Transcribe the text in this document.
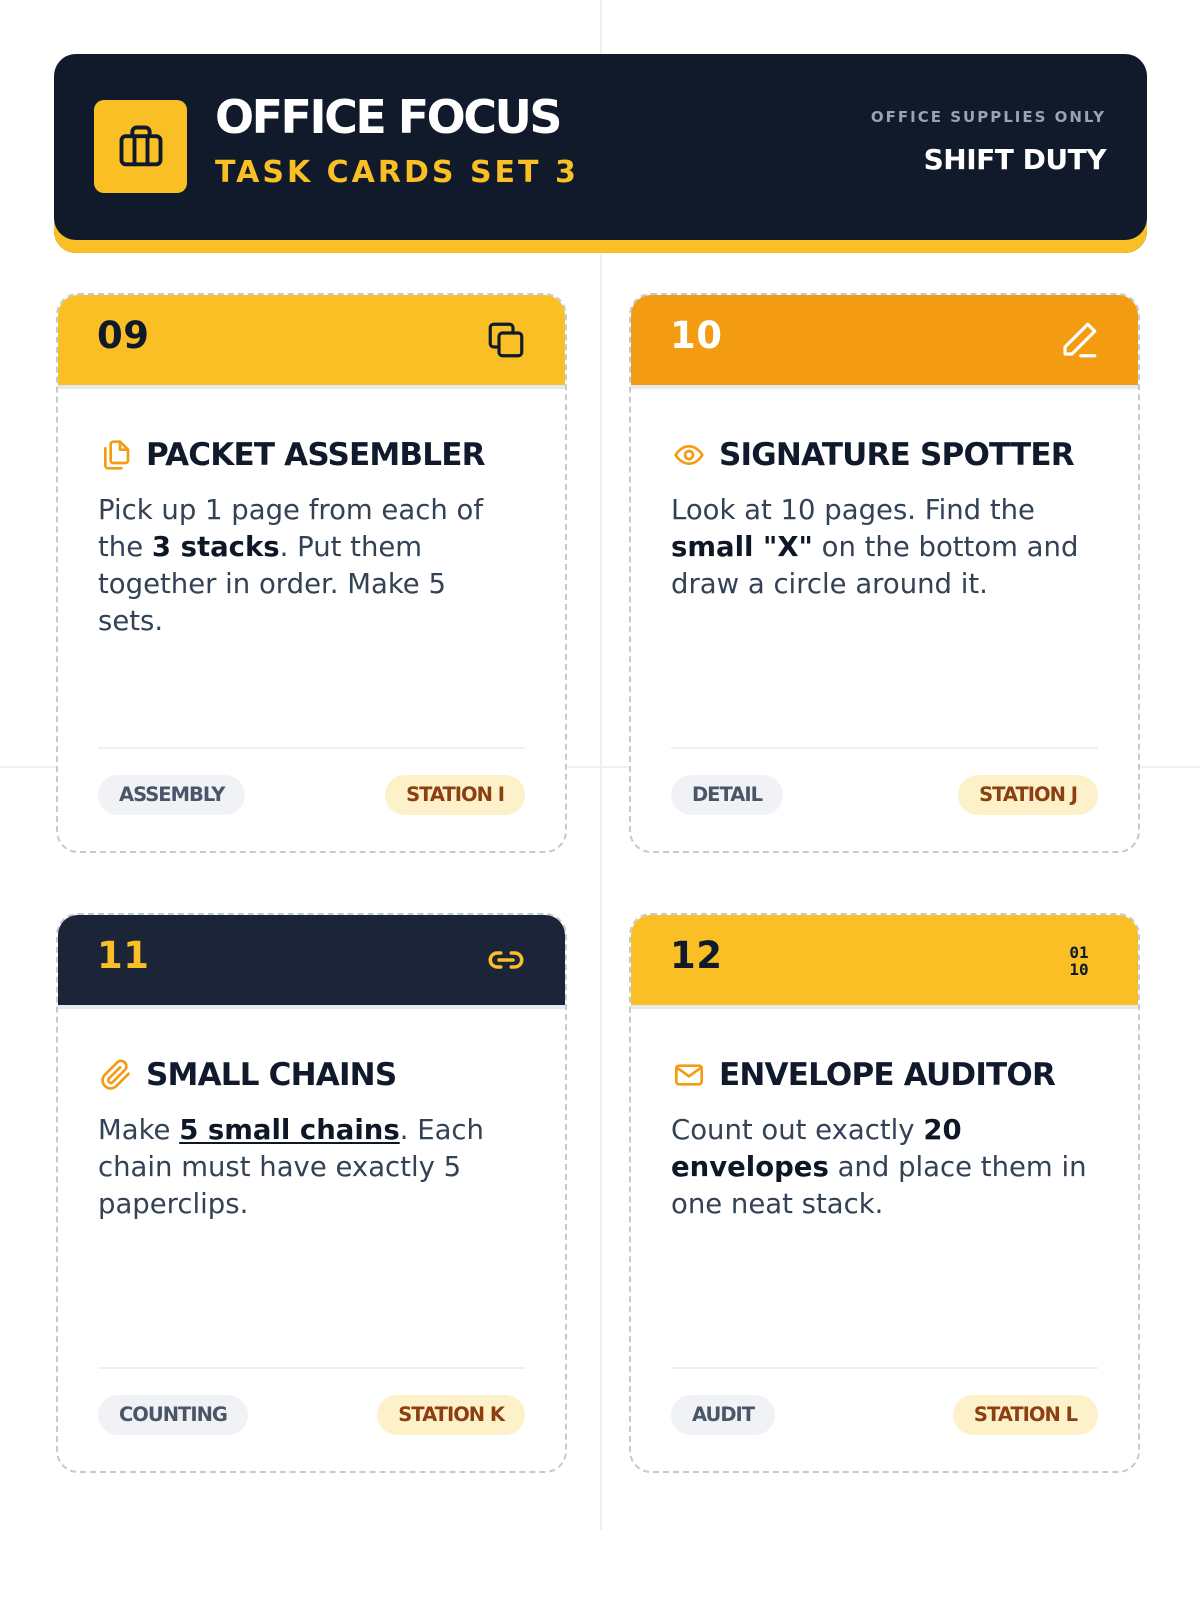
OFFICE FOCUS
TASK CARDS SET 3
OFFICE SUPPLIES ONLY
SHIFT DUTY
09
PACKET ASSEMBLER

Pick up 1 page from each of the 3 stacks. Put them together in order. Make 5 sets.

ASSEMBLY	STATION I
10
SIGNATURE SPOTTER

Look at 10 pages. Find the small "X" on the bottom and draw a circle around it.

DETAIL	STATION J
11
SMALL CHAINS

Make 5 small chains. Each chain must have exactly 5 paperclips.

COUNTING	STATION K
12	01
10
ENVELOPE AUDITOR

Count out exactly 20 envelopes and place them in one neat stack.

AUDIT	STATION L
